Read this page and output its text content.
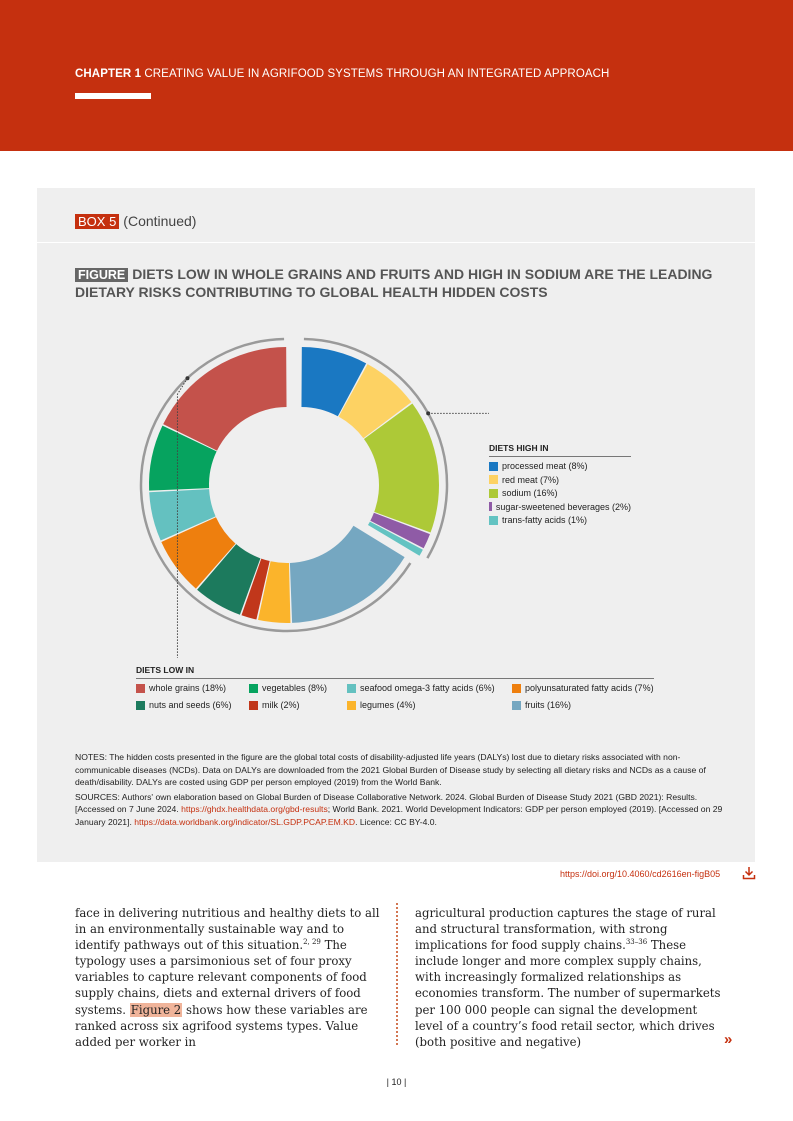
CHAPTER 1 CREATING VALUE IN AGRIFOOD SYSTEMS THROUGH AN INTEGRATED APPROACH
BOX 5 (Continued)
FIGURE DIETS LOW IN WHOLE GRAINS AND FRUITS AND HIGH IN SODIUM ARE THE LEADING DIETARY RISKS CONTRIBUTING TO GLOBAL HEALTH HIDDEN COSTS
DIETS HIGH IN
processed meat (8%)
red meat (7%)
sodium (16%)
sugar-sweetened beverages (2%)
trans-fatty acids (1%)
DIETS LOW IN
whole grains (18%)	vegetables (8%)	seafood omega-3 fatty acids (6%)	polyunsaturated fatty acids (7%)
nuts and seeds (6%)	milk (2%)	legumes (4%)	fruits (16%)

NOTES: The hidden costs presented in the figure are the global total costs of disability-adjusted life years (DALYs) lost due to dietary risks associated with non-communicable diseases (NCDs). Data on DALYs are downloaded from the 2021 Global Burden of Disease study by selecting all dietary risks and NCDs as a cause of death/disability. DALYs are costed using GDP per person employed (2019) from the World Bank.

SOURCES: Authors' own elaboration based on Global Burden of Disease Collaborative Network. 2024. Global Burden of Disease Study 2021 (GBD 2021): Results. [Accessed on 7 June 2024. https://ghdx.healthdata.org/gbd-results; World Bank. 2021. World Development Indicators: GDP per person employed (2019). [Accessed on 29 January 2021]. https://data.worldbank.org/indicator/SL.GDP.PCAP.EM.KD. Licence: CC BY-4.0.

https://doi.org/10.4060/cd2616en-figB05

face in delivering nutritious and healthy diets to all in an environmentally sustainable way and to identify pathways out of this situation.$^{2, 29}$ The typology uses a parsimonious set of four proxy variables to capture relevant components of food supply chains, diets and external drivers of food systems. Figure 2 shows how these variables are ranked across six agrifood systems types. Value added per worker in

agricultural production captures the stage of rural and structural transformation, with strong implications for food supply chains.$^{33-36}$ These include longer and more complex supply chains, with increasingly formalized relationships as economies transform. The number of supermarkets per 100 000 people can signal the development level of a country’s food retail sector, which drives (both positive and negative)	»
| 10 |
